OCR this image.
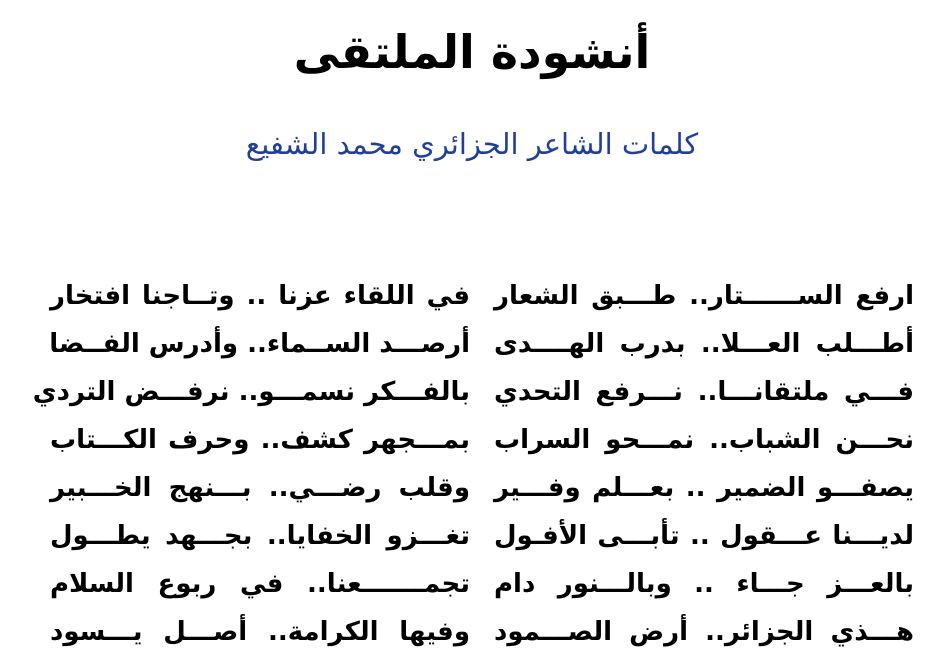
أنشودة الملتقى
كلمات الشاعر الجزائري محمد الشفيع
ارفع الســــــتار.. طـــبق الشعار
أطـــلب العـــلا.. بدرب الهــــدى
فـــي ملتقانـــا.. نـــرفع التحدي
نحـــن الشباب.. نمـــحو السراب
يصفـــو الضمير .. بعـــلم وفـــير
لديـــنا عـــقول .. تأبـــى الأفـول
بالعـــز جـــاء .. وبالـــنور دام
هـــذي الجزائر.. أرض الصـــمود
في اللقاء عزنا .. وتــاجنا افتخار
أرصـــد الســماء.. وأدرس الفــضا
بالفـــكر نسمـــو.. نرفـــض التردي
بمـــجهر كشف.. وحرف الكـــتاب
وقلب رضـــي.. بـــنهج الخـــبير
تغـــزو الخفايا.. بجـــهد يطـــول
تجمـــــــعنا.. في ربوع السلام
وفيها الكرامة.. أصـــل يـــسود
